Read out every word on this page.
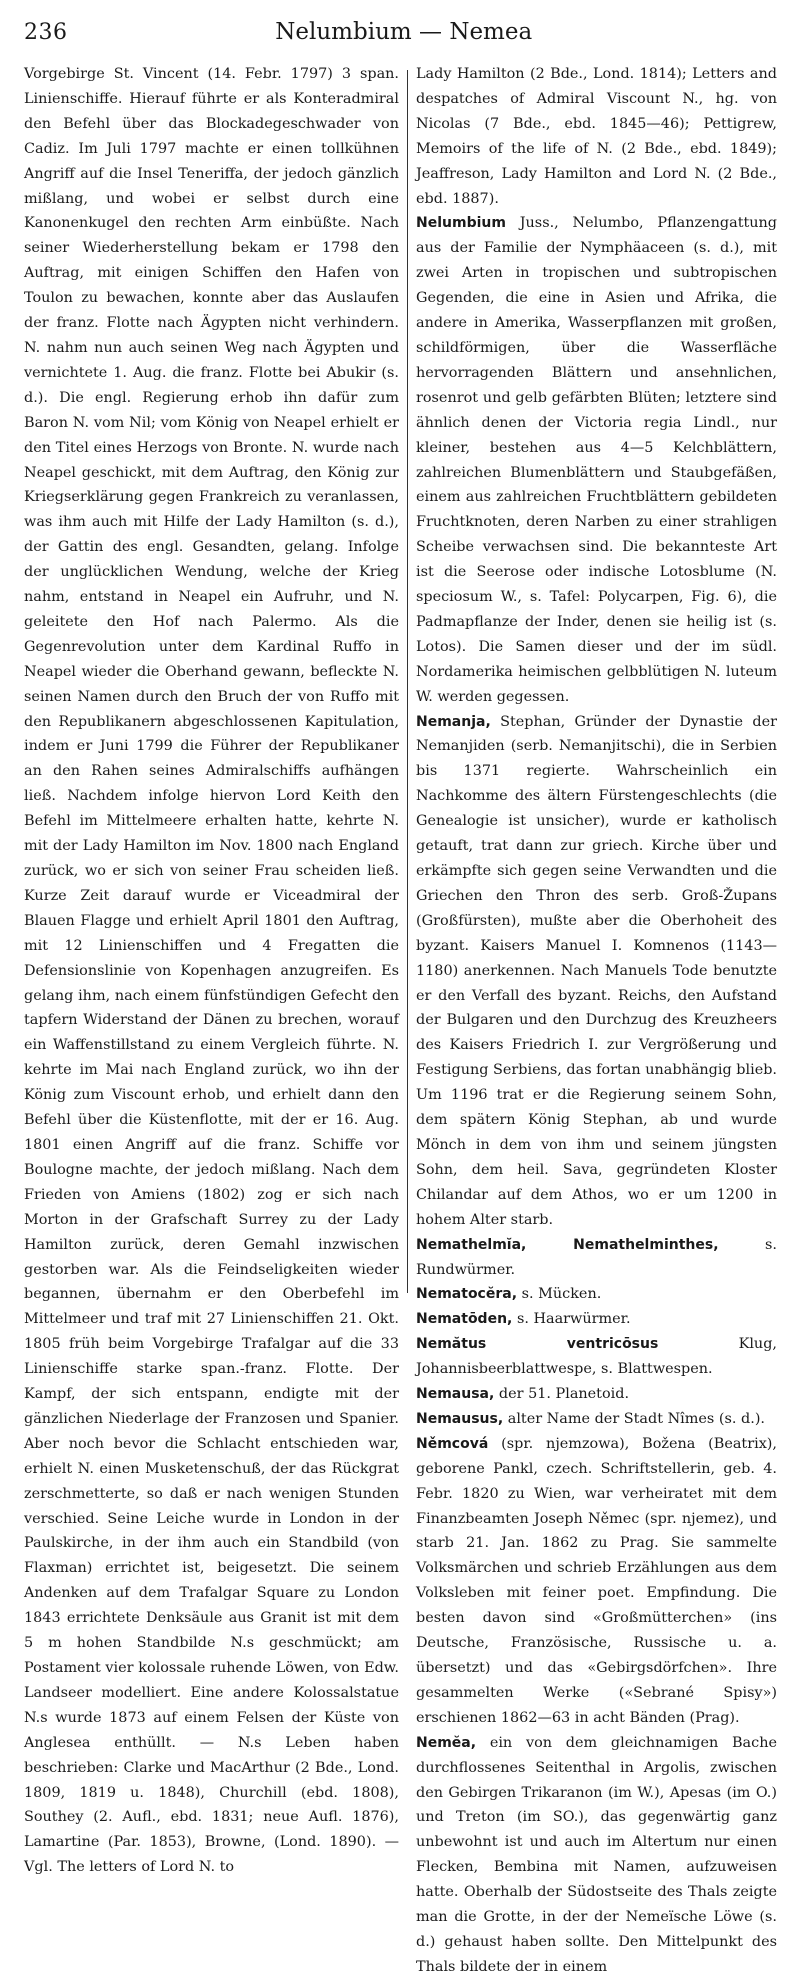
236	Nelumbium — Nemea

Vorgebirge St. Vincent (14. Febr. 1797) 3 span. Linienschiffe. Hierauf führte er als Konteradmiral den Befehl über das Blockadegeschwader von Cadiz. Im Juli 1797 machte er einen tollkühnen Angriff auf die Insel Teneriffa, der jedoch gänzlich mißlang, und wobei er selbst durch eine Kanonenkugel den rechten Arm einbüßte. Nach seiner Wiederherstellung bekam er 1798 den Auftrag, mit einigen Schiffen den Hafen von Toulon zu bewachen, konnte aber das Auslaufen der franz. Flotte nach Ägypten nicht verhindern. N. nahm nun auch seinen Weg nach Ägypten und vernichtete 1. Aug. die franz. Flotte bei Abukir (s. d.). Die engl. Regierung erhob ihn dafür zum Baron N. vom Nil; vom König von Neapel erhielt er den Titel eines Herzogs von Bronte. N. wurde nach Neapel geschickt, mit dem Auftrag, den König zur Kriegserklärung gegen Frankreich zu veranlassen, was ihm auch mit Hilfe der Lady Hamilton (s. d.), der Gattin des engl. Gesandten, gelang. Infolge der unglücklichen Wendung, welche der Krieg nahm, entstand in Neapel ein Aufruhr, und N. geleitete den Hof nach Palermo. Als die Gegenrevolution unter dem Kardinal Ruffo in Neapel wieder die Oberhand gewann, befleckte N. seinen Namen durch den Bruch der von Ruffo mit den Republikanern abgeschlossenen Kapitulation, indem er Juni 1799 die Führer der Republikaner an den Rahen seines Admiralschiffs aufhängen ließ. Nachdem infolge hiervon Lord Keith den Befehl im Mittelmeere erhalten hatte, kehrte N. mit der Lady Hamilton im Nov. 1800 nach England zurück, wo er sich von seiner Frau scheiden ließ. Kurze Zeit darauf wurde er Viceadmiral der Blauen Flagge und erhielt April 1801 den Auftrag, mit 12 Linienschiffen und 4 Fregatten die Defensionslinie von Kopenhagen anzugreifen. Es gelang ihm, nach einem fünfstündigen Gefecht den tapfern Widerstand der Dänen zu brechen, worauf ein Waffenstillstand zu einem Vergleich führte. N. kehrte im Mai nach England zurück, wo ihn der König zum Viscount erhob, und erhielt dann den Befehl über die Küstenflotte, mit der er 16. Aug. 1801 einen Angriff auf die franz. Schiffe vor Boulogne machte, der jedoch mißlang. Nach dem Frieden von Amiens (1802) zog er sich nach Morton in der Grafschaft Surrey zu der Lady Hamilton zurück, deren Gemahl inzwischen gestorben war. Als die Feindseligkeiten wieder begannen, übernahm er den Oberbefehl im Mittelmeer und traf mit 27 Linienschiffen 21. Okt. 1805 früh beim Vorgebirge Trafalgar auf die 33 Linienschiffe starke span.-franz. Flotte. Der Kampf, der sich entspann, endigte mit der gänzlichen Niederlage der Franzosen und Spanier. Aber noch bevor die Schlacht entschieden war, erhielt N. einen Musketenschuß, der das Rückgrat zerschmetterte, so daß er nach wenigen Stunden verschied. Seine Leiche wurde in London in der Paulskirche, in der ihm auch ein Standbild (von Flaxman) errichtet ist, beigesetzt. Die seinem Andenken auf dem Trafalgar Square zu London 1843 errichtete Denksäule aus Granit ist mit dem 5 m hohen Standbilde N.s geschmückt; am Postament vier kolossale ruhende Löwen, von Edw. Landseer modelliert. Eine andere Kolossalstatue N.s wurde 1873 auf einem Felsen der Küste von Anglesea enthüllt. — N.s Leben haben beschrieben: Clarke und MacArthur (2 Bde., Lond. 1809, 1819 u. 1848), Churchill (ebd. 1808), Southey (2. Aufl., ebd. 1831; neue Aufl. 1876), Lamartine (Par. 1853), Browne, (Lond. 1890). — Vgl. The letters of Lord N. to

Lady Hamilton (2 Bde., Lond. 1814); Letters and despatches of Admiral Viscount N., hg. von Nicolas (7 Bde., ebd. 1845—46); Pettigrew, Memoirs of the life of N. (2 Bde., ebd. 1849); Jeaffreson, Lady Hamilton and Lord N. (2 Bde., ebd. 1887).

Nelumbium Juss., Nelumbo, Pflanzengattung aus der Familie der Nymphäaceen (s. d.), mit zwei Arten in tropischen und subtropischen Gegenden, die eine in Asien und Afrika, die andere in Amerika, Wasserpflanzen mit großen, schildförmigen, über die Wasserfläche hervorragenden Blättern und ansehnlichen, rosenrot und gelb gefärbten Blüten; letztere sind ähnlich denen der Victoria regia Lindl., nur kleiner, bestehen aus 4—5 Kelchblättern, zahlreichen Blumenblättern und Staubgefäßen, einem aus zahlreichen Fruchtblättern gebildeten Fruchtknoten, deren Narben zu einer strahligen Scheibe verwachsen sind. Die bekannteste Art ist die Seerose oder indische Lotosblume (N. speciosum W., s. Tafel: Polycarpen, Fig. 6), die Padmapflanze der Inder, denen sie heilig ist (s. Lotos). Die Samen dieser und der im südl. Nordamerika heimischen gelbblütigen N. luteum W. werden gegessen.

Nemanja, Stephan, Gründer der Dynastie der Nemanjiden (serb. Nemanjitschi), die in Serbien bis 1371 regierte. Wahrscheinlich ein Nachkomme des ältern Fürstengeschlechts (die Genealogie ist unsicher), wurde er katholisch getauft, trat dann zur griech. Kirche über und erkämpfte sich gegen seine Verwandten und die Griechen den Thron des serb. Groß-Župans (Großfürsten), mußte aber die Oberhoheit des byzant. Kaisers Manuel I. Komnenos (1143—1180) anerkennen. Nach Manuels Tode benutzte er den Verfall des byzant. Reichs, den Aufstand der Bulgaren und den Durchzug des Kreuzheers des Kaisers Friedrich I. zur Vergrößerung und Festigung Serbiens, das fortan unabhängig blieb. Um 1196 trat er die Regierung seinem Sohn, dem spätern König Stephan, ab und wurde Mönch in dem von ihm und seinem jüngsten Sohn, dem heil. Sava, gegründeten Kloster Chilandar auf dem Athos, wo er um 1200 in hohem Alter starb.

Nemathelmĭa, Nemathelminthes,	s. Rundwürmer.

Nematocĕra, s. Mücken.

Nematōden, s. Haarwürmer.

Nemătus ventricōsus	Klug, Johannisbeerblattwespe, s. Blattwespen.

Nemausa, der 51. Planetoid.

Nemausus, alter Name der Stadt Nîmes (s. d.).

Němcová (spr. njemzowa), Božena (Beatrix), geborene Pankl, czech. Schriftstellerin, geb. 4. Febr. 1820 zu Wien, war verheiratet mit dem Finanzbeamten Joseph Němec (spr. njemez), und starb 21. Jan. 1862 zu Prag. Sie sammelte Volksmärchen und schrieb Erzählungen aus dem Volksleben mit feiner poet. Empfindung. Die besten davon sind «Großmütterchen» (ins Deutsche, Französische, Russische u. a. übersetzt) und das «Gebirgsdörfchen». Ihre gesammelten Werke («Sebrané Spisy») erschienen 1862—63 in acht Bänden (Prag).

Nemĕa, ein von dem gleichnamigen Bache durchflossenes Seitenthal in Argolis, zwischen den Gebirgen Trikaranon (im W.), Apesas (im O.) und Treton (im SO.), das gegenwärtig ganz unbewohnt ist und auch im Altertum nur einen Flecken, Bembina mit Namen, aufzuweisen hatte. Oberhalb der Südostseite des Thals zeigte man die Grotte, in der der Nemeïsche Löwe (s. d.) gehaust haben sollte. Den Mittelpunkt des Thals bildete der in einem
